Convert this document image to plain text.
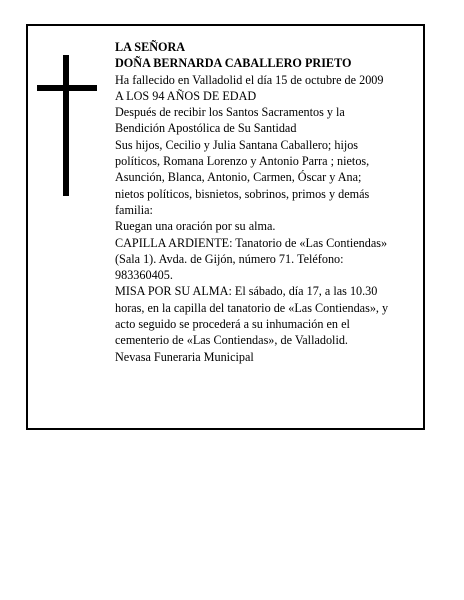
LA SEÑORA
DOÑA BERNARDA CABALLERO PRIETO
Ha fallecido en Valladolid el día 15 de octubre de 2009
A LOS 94 AÑOS DE EDAD
Después de recibir los Santos Sacramentos y la
Bendición Apostólica de Su Santidad
Sus hijos, Cecilio y Julia Santana Caballero; hijos
políticos, Romana Lorenzo y Antonio Parra ; nietos,
Asunción, Blanca, Antonio, Carmen, Óscar y Ana;
nietos políticos, bisnietos, sobrinos, primos y demás
familia:
Ruegan una oración por su alma.
CAPILLA ARDIENTE: Tanatorio de «Las Contiendas»
(Sala 1). Avda. de Gijón, número 71. Teléfono:
983360405.
MISA POR SU ALMA: El sábado, día 17, a las 10.30
horas, en la capilla del tanatorio de «Las Contiendas», y
acto seguido se procederá a su inhumación en el
cementerio de «Las Contiendas», de Valladolid.
Nevasa Funeraria Municipal
